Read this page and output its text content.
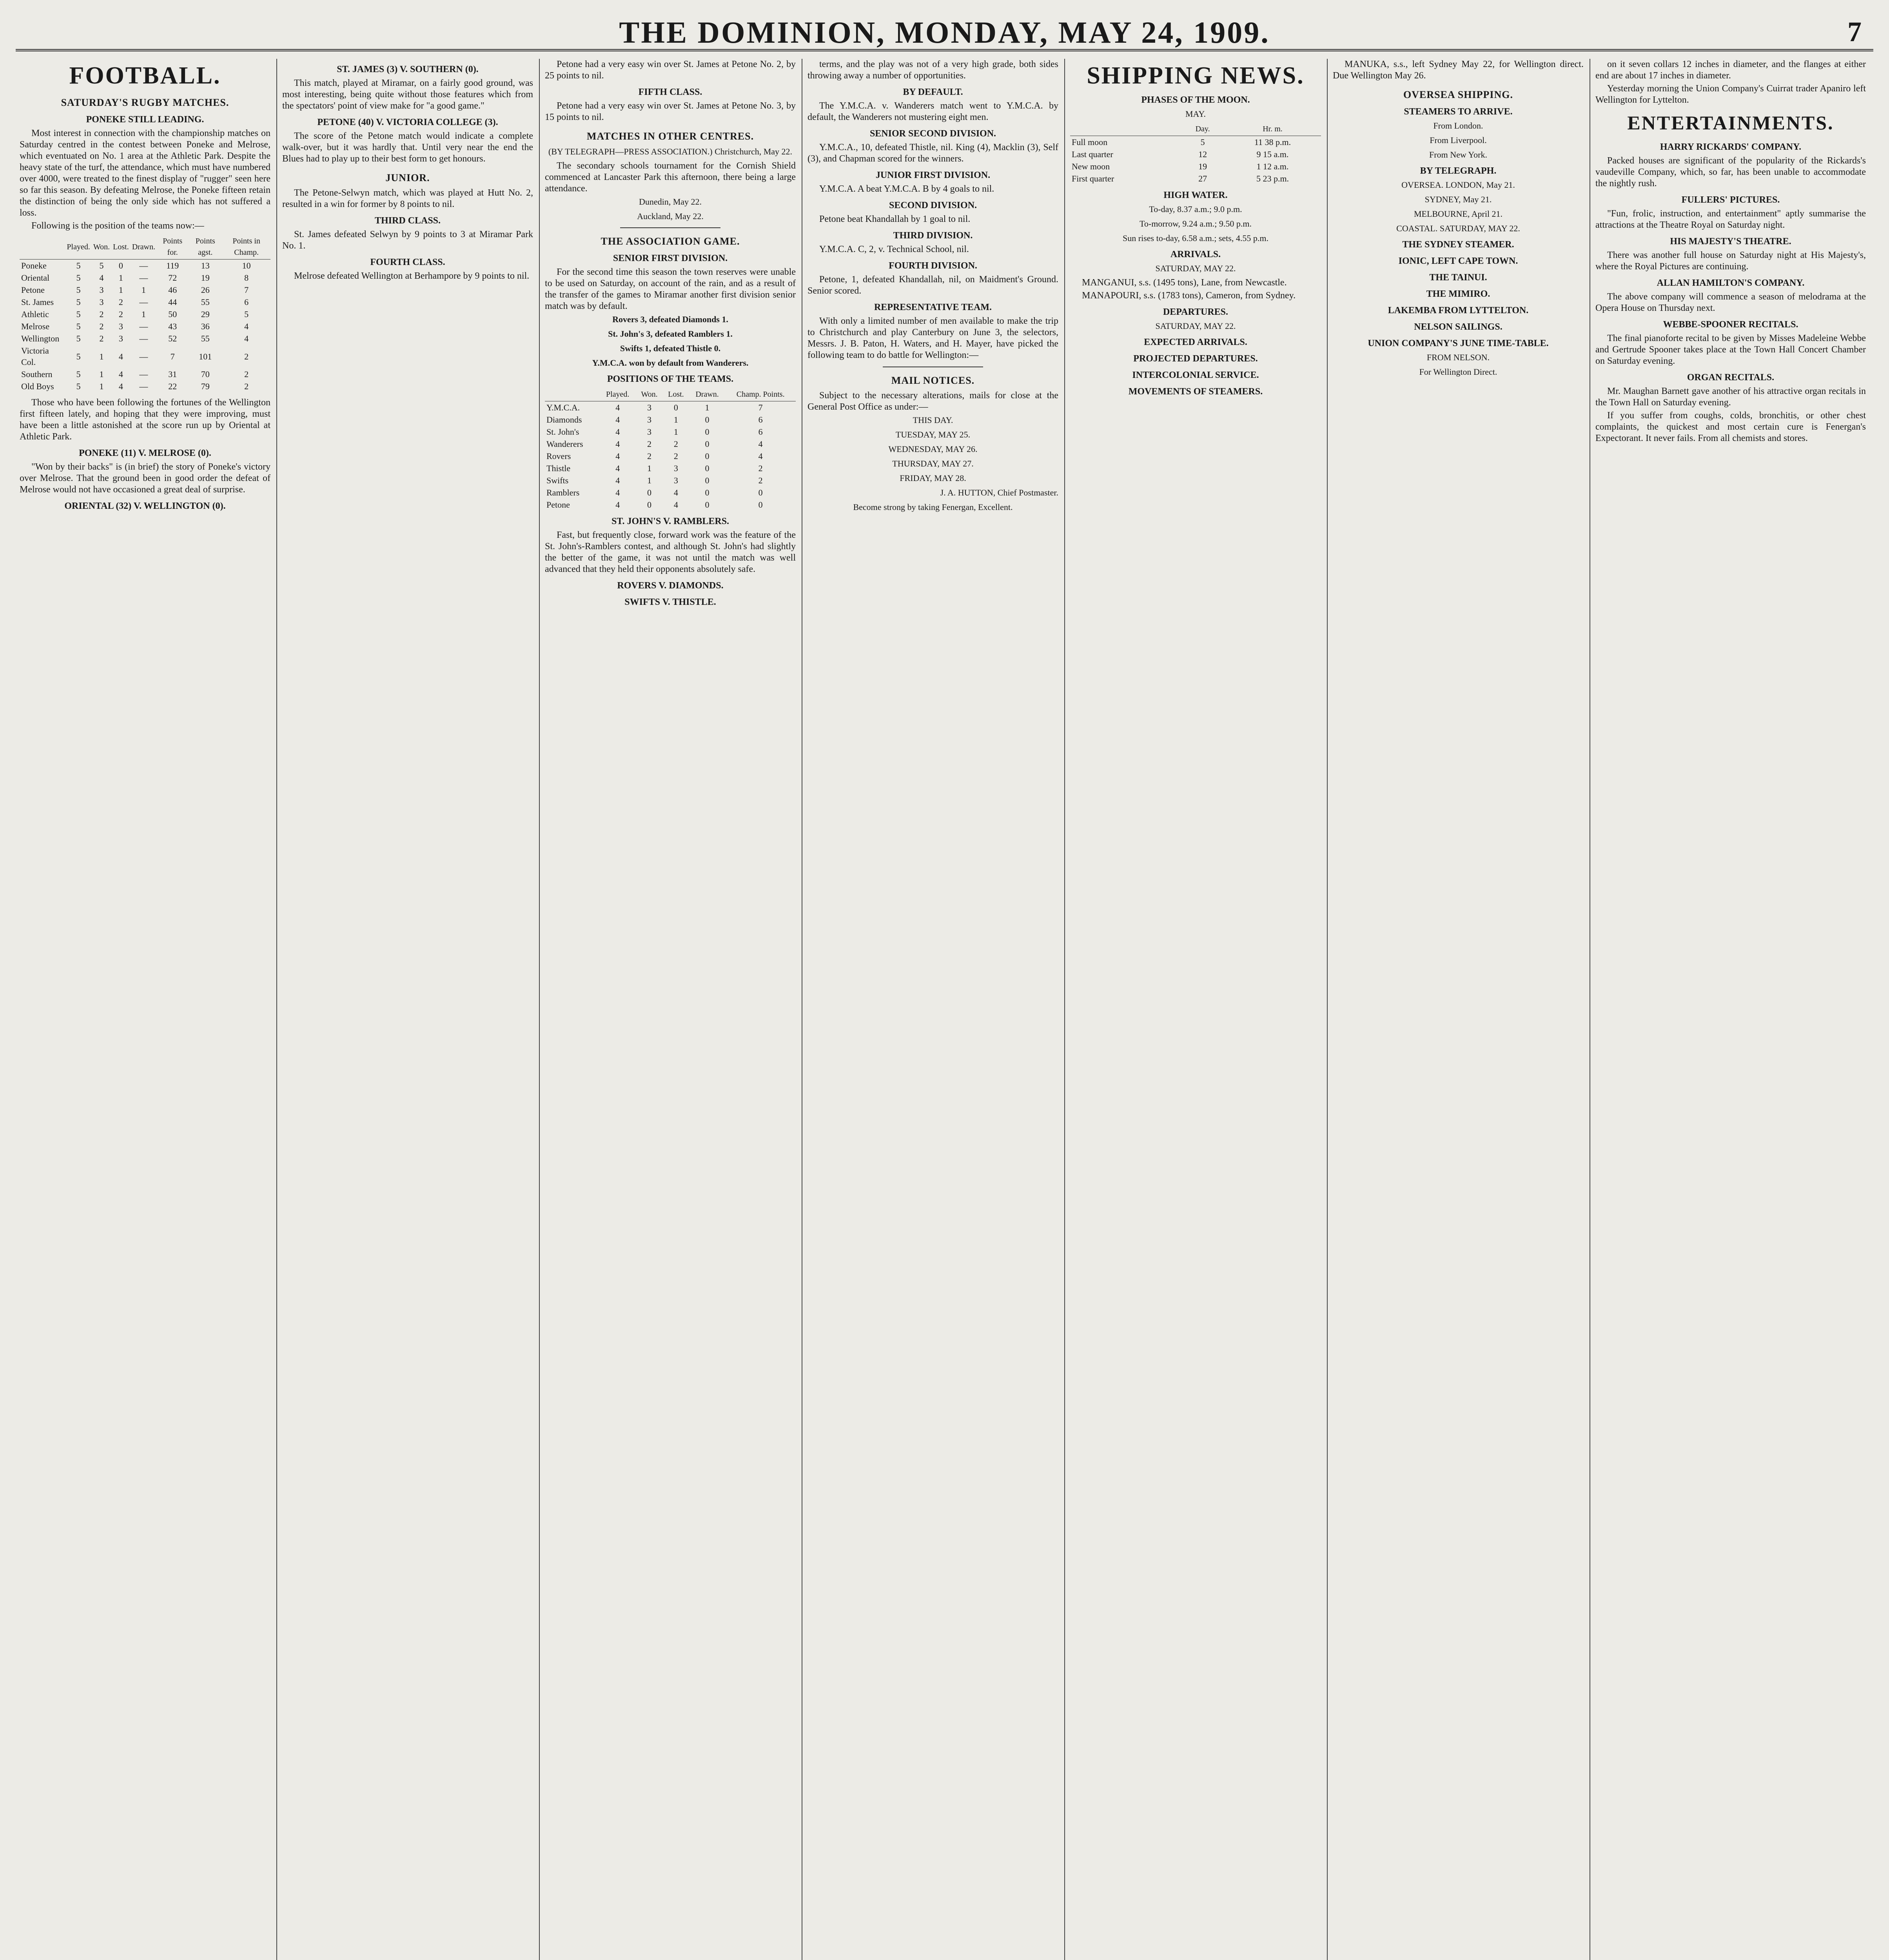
THE DOMINION, MONDAY, MAY 24, 1909.	7
FOOTBALL.
SATURDAY'S RUGBY MATCHES.
PONEKE STILL LEADING.

Most interest in connection with the championship matches on Saturday centred in the contest between Poneke and Melrose, which eventuated on No. 1 area at the Athletic Park. Despite the heavy state of the turf, the attendance, which must have numbered over 4000, were treated to the finest display of "rugger" seen here so far this season. By defeating Melrose, the Poneke fifteen retain the distinction of being the only side which has not suffered a loss.

Following is the position of the teams now:—

	Played.	Won.	Lost.	Drawn.	Points for.	Points agst.	Points in Champ.
Poneke	5	5	0	—	119	13	10
Oriental	5	4	1	—	72	19	8
Petone	5	3	1	1	46	26	7
St. James	5	3	2	—	44	55	6
Athletic	5	2	2	1	50	29	5
Melrose	5	2	3	—	43	36	4
Wellington	5	2	3	—	52	55	4
Victoria Col.	5	1	4	—	7	101	2
Southern	5	1	4	—	31	70	2
Old Boys	5	1	4	—	22	79	2

Those who have been following the fortunes of the Wellington first fifteen lately, and hoping that they were improving, must have been a little astonished at the score run up by Oriental at Athletic Park.

PONEKE (11) V. MELROSE (0).

"Won by their backs" is (in brief) the story of Poneke's victory over Melrose. That the ground been in good order the defeat of Melrose would not have occasioned a great deal of surprise.

ORIENTAL (32) V. WELLINGTON (0).
ST. JAMES (3) V. SOUTHERN (0).

This match, played at Miramar, on a fairly good ground, was most interesting, being quite without those features which from the spectators' point of view make for "a good game."

PETONE (40) V. VICTORIA COLLEGE (3).

The score of the Petone match would indicate a complete walk-over, but it was hardly that. Until very near the end the Blues had to play up to their best form to get honours.

JUNIOR.

The Petone-Selwyn match, which was played at Hutt No. 2, resulted in a win for former by 8 points to nil.

THIRD CLASS.

St. James defeated Selwyn by 9 points to 3 at Miramar Park No. 1.

FOURTH CLASS.

Melrose defeated Wellington at Berhampore by 9 points to nil.

Petone had a very easy win over St. James at Petone No. 2, by 25 points to nil.

FIFTH CLASS.

Petone had a very easy win over St. James at Petone No. 3, by 15 points to nil.

MATCHES IN OTHER CENTRES.
(BY TELEGRAPH—PRESS ASSOCIATION.) Christchurch, May 22.

The secondary schools tournament for the Cornish Shield commenced at Lancaster Park this afternoon, there being a large attendance.

Dunedin, May 22.
Auckland, May 22.
THE ASSOCIATION GAME.
SENIOR FIRST DIVISION.

For the second time this season the town reserves were unable to be used on Saturday, on account of the rain, and as a result of the transfer of the games to Miramar another first division senior match was by default.

Rovers 3, defeated Diamonds 1.
St. John's 3, defeated Ramblers 1.
Swifts 1, defeated Thistle 0.
Y.M.C.A. won by default from Wanderers.
POSITIONS OF THE TEAMS.
	Played.	Won.	Lost.	Drawn.	Champ. Points.
Y.M.C.A.	4	3	0	1	7
Diamonds	4	3	1	0	6
St. John's	4	3	1	0	6
Wanderers	4	2	2	0	4
Rovers	4	2	2	0	4
Thistle	4	1	3	0	2
Swifts	4	1	3	0	2
Ramblers	4	0	4	0	0
Petone	4	0	4	0	0
ST. JOHN'S V. RAMBLERS.

Fast, but frequently close, forward work was the feature of the St. John's-Ramblers contest, and although St. John's had slightly the better of the game, it was not until the match was well advanced that they held their opponents absolutely safe.

ROVERS V. DIAMONDS.
SWIFTS V. THISTLE.

terms, and the play was not of a very high grade, both sides throwing away a number of opportunities.

BY DEFAULT.

The Y.M.C.A. v. Wanderers match went to Y.M.C.A. by default, the Wanderers not mustering eight men.

SENIOR SECOND DIVISION.

Y.M.C.A., 10, defeated Thistle, nil. King (4), Macklin (3), Self (3), and Chapman scored for the winners.

JUNIOR FIRST DIVISION.

Y.M.C.A. A beat Y.M.C.A. B by 4 goals to nil.

SECOND DIVISION.

Petone beat Khandallah by 1 goal to nil.

THIRD DIVISION.

Y.M.C.A. C, 2, v. Technical School, nil.

FOURTH DIVISION.

Petone, 1, defeated Khandallah, nil, on Maidment's Ground. Senior scored.

REPRESENTATIVE TEAM.

With only a limited number of men available to make the trip to Christchurch and play Canterbury on June 3, the selectors, Messrs. J. B. Paton, H. Waters, and H. Mayer, have picked the following team to do battle for Wellington:—

MAIL NOTICES.

Subject to the necessary alterations, mails for close at the General Post Office as under:—

THIS DAY.
TUESDAY, MAY 25.
WEDNESDAY, MAY 26.
THURSDAY, MAY 27.
FRIDAY, MAY 28.
J. A. HUTTON, Chief Postmaster.
Become strong by taking Fenergan, Excellent.
SHIPPING NEWS.
PHASES OF THE MOON.
MAY.
	Day.	Hr. m.
Full moon	5	11 38 p.m.
Last quarter	12	9 15 a.m.
New moon	19	1 12 a.m.
First quarter	27	5 23 p.m.
HIGH WATER.
To-day, 8.37 a.m.; 9.0 p.m.
To-morrow, 9.24 a.m.; 9.50 p.m.
Sun rises to-day, 6.58 a.m.; sets, 4.55 p.m.
ARRIVALS.
SATURDAY, MAY 22.

MANGANUI, s.s. (1495 tons), Lane, from Newcastle.

MANAPOURI, s.s. (1783 tons), Cameron, from Sydney.

DEPARTURES.
SATURDAY, MAY 22.
EXPECTED ARRIVALS.
PROJECTED DEPARTURES.
INTERCOLONIAL SERVICE.
MOVEMENTS OF STEAMERS.

MANUKA, s.s., left Sydney May 22, for Wellington direct. Due Wellington May 26.

OVERSEA SHIPPING.
STEAMERS TO ARRIVE.
From London.
From Liverpool.
From New York.
BY TELEGRAPH.
OVERSEA. LONDON, May 21.
SYDNEY, May 21.
MELBOURNE, April 21.
COASTAL. SATURDAY, MAY 22.
THE SYDNEY STEAMER.
IONIC, LEFT CAPE TOWN.
THE TAINUI.
THE MIMIRO.
LAKEMBA FROM LYTTELTON.
NELSON SAILINGS.
UNION COMPANY'S JUNE TIME-TABLE.
FROM NELSON.
For Wellington Direct.

on it seven collars 12 inches in diameter, and the flanges at either end are about 17 inches in diameter.

Yesterday morning the Union Company's Cuirrat trader Apaniro left Wellington for Lyttelton.

ENTERTAINMENTS.
HARRY RICKARDS' COMPANY.

Packed houses are significant of the popularity of the Rickards's vaudeville Company, which, so far, has been unable to accommodate the nightly rush.

FULLERS' PICTURES.

"Fun, frolic, instruction, and entertainment" aptly summarise the attractions at the Theatre Royal on Saturday night.

HIS MAJESTY'S THEATRE.

There was another full house on Saturday night at His Majesty's, where the Royal Pictures are continuing.

ALLAN HAMILTON'S COMPANY.

The above company will commence a season of melodrama at the Opera House on Thursday next.

WEBBE-SPOONER RECITALS.

The final pianoforte recital to be given by Misses Madeleine Webbe and Gertrude Spooner takes place at the Town Hall Concert Chamber on Saturday evening.

ORGAN RECITALS.

Mr. Maughan Barnett gave another of his attractive organ recitals in the Town Hall on Saturday evening.

If you suffer from coughs, colds, bronchitis, or other chest complaints, the quickest and most certain cure is Fenergan's Expectorant. It never fails. From all chemists and stores.
